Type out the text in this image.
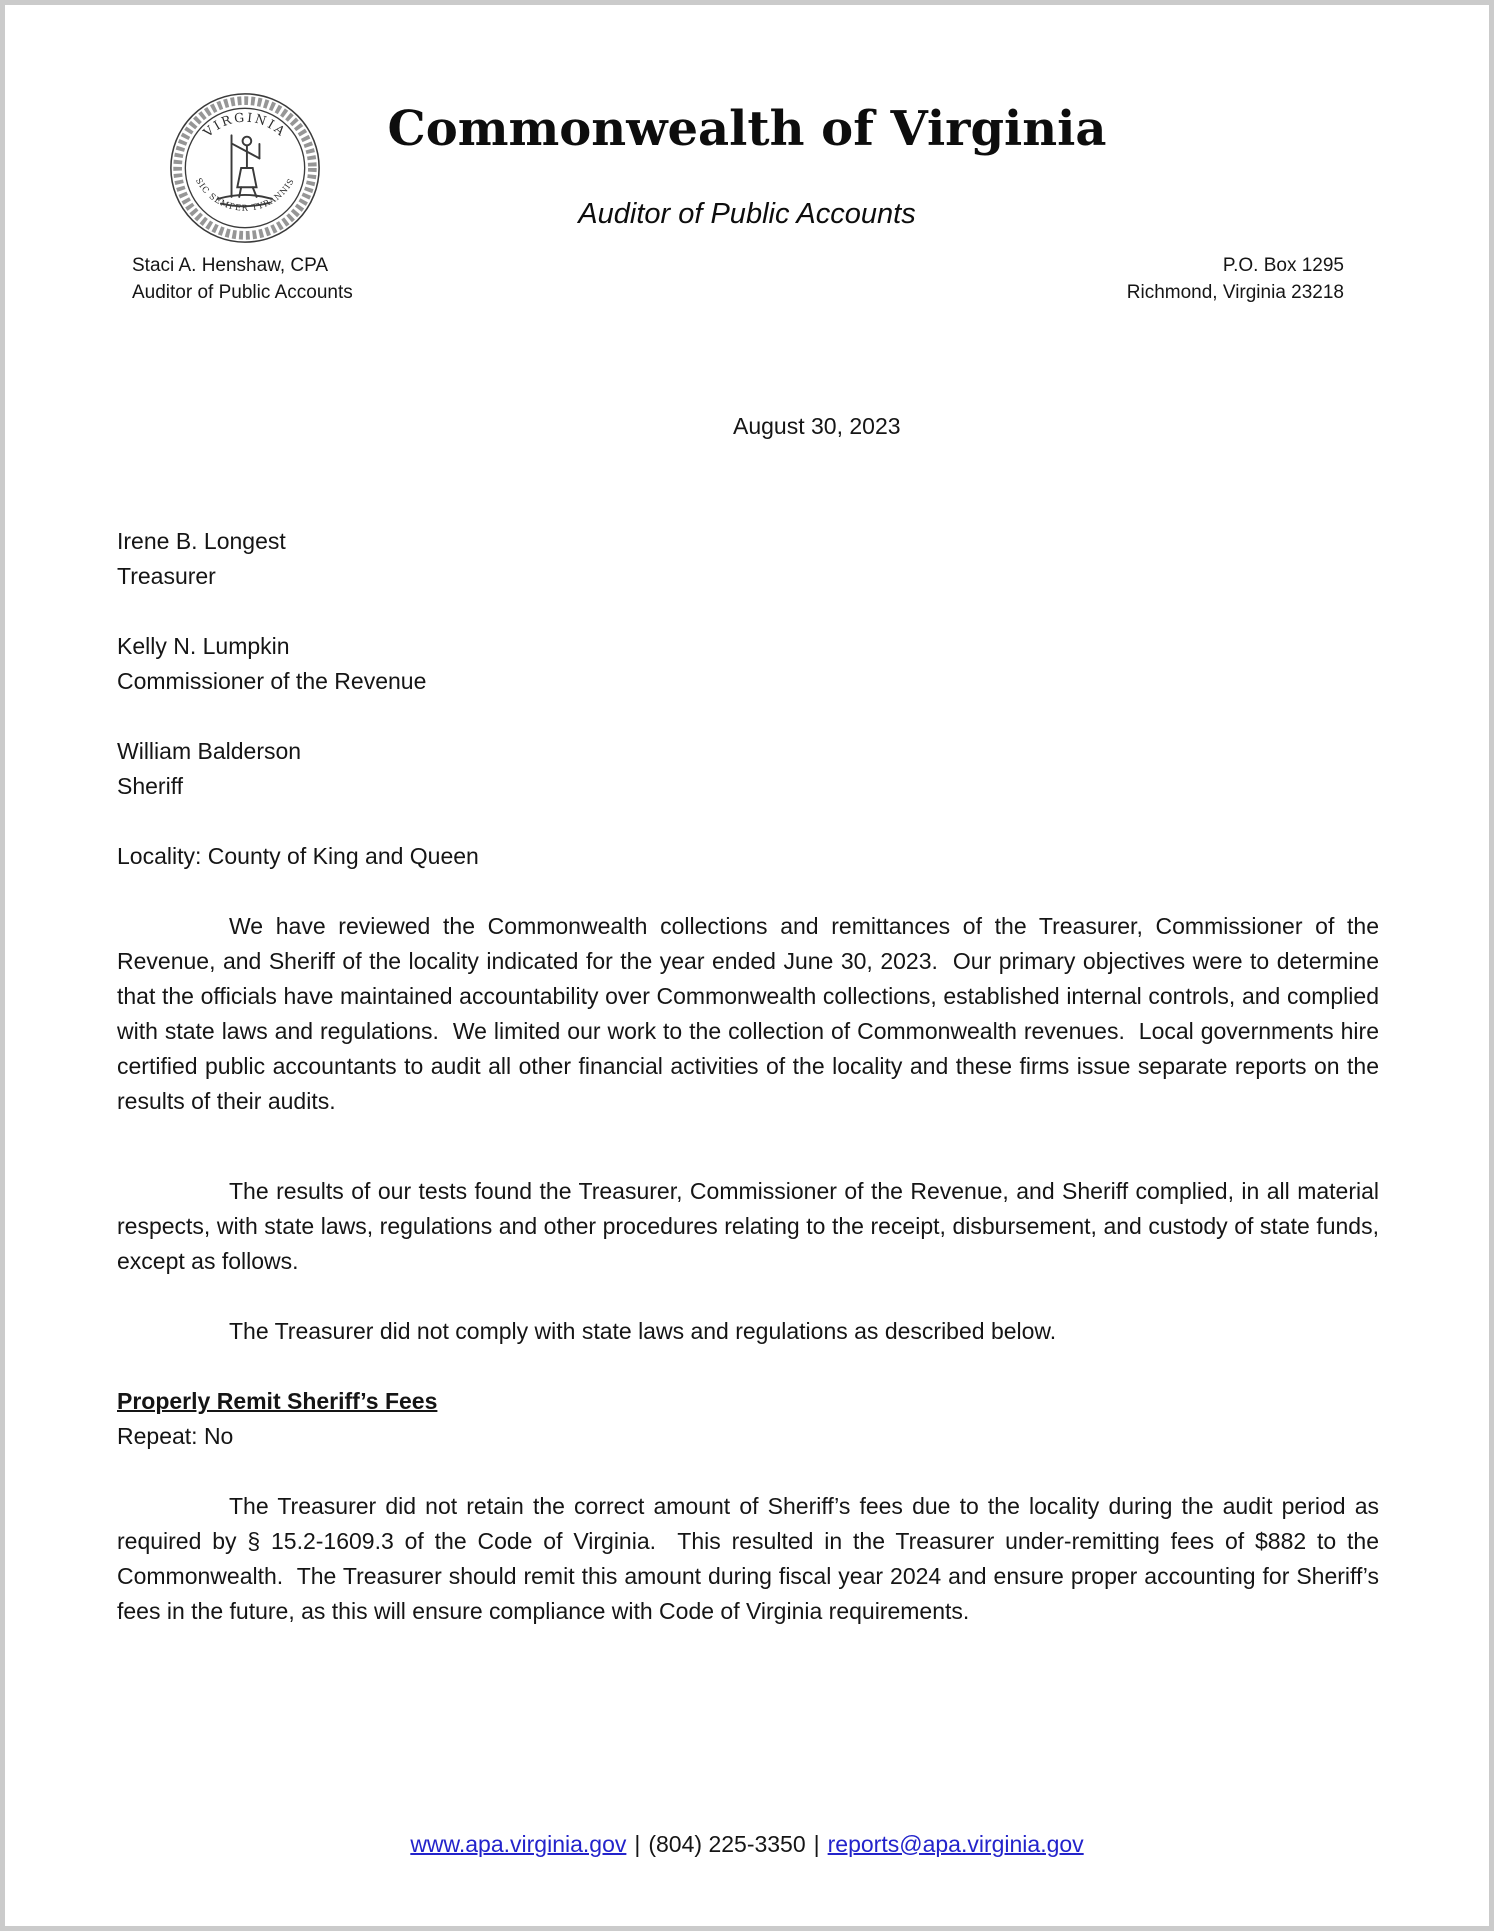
VIRGINIA
SIC SEMPER TYRANNIS
Commonwealth of Virginia
Auditor of Public Accounts
Staci A. Henshaw, CPA
Auditor of Public Accounts
P.O. Box 1295
Richmond, Virginia 23218
August 30, 2023
Irene B. Longest
Treasurer
Kelly N. Lumpkin
Commissioner of the Revenue
William Balderson
Sheriff
Locality: County of King and Queen

We have reviewed the Commonwealth collections and remittances of the Treasurer, Commissioner of the Revenue, and Sheriff of the locality indicated for the year ended June 30, 2023.  Our primary objectives were to determine that the officials have maintained accountability over Commonwealth collections, established internal controls, and complied with state laws and regulations.  We limited our work to the collection of Commonwealth revenues.  Local governments hire certified public accountants to audit all other financial activities of the locality and these firms issue separate reports on the results of their audits.

The results of our tests found the Treasurer, Commissioner of the Revenue, and Sheriff complied, in all material respects, with state laws, regulations and other procedures relating to the receipt, disbursement, and custody of state funds, except as follows.

The Treasurer did not comply with state laws and regulations as described below.

Properly Remit Sheriff’s Fees
Repeat: No

The Treasurer did not retain the correct amount of Sheriff’s fees due to the locality during the audit period as required by § 15.2-1609.3 of the Code of Virginia.  This resulted in the Treasurer under-remitting fees of $882 to the Commonwealth.  The Treasurer should remit this amount during fiscal year 2024 and ensure proper accounting for Sheriff’s fees in the future, as this will ensure compliance with Code of Virginia requirements.

www.apa.virginia.gov | (804) 225-3350 | reports@apa.virginia.gov
